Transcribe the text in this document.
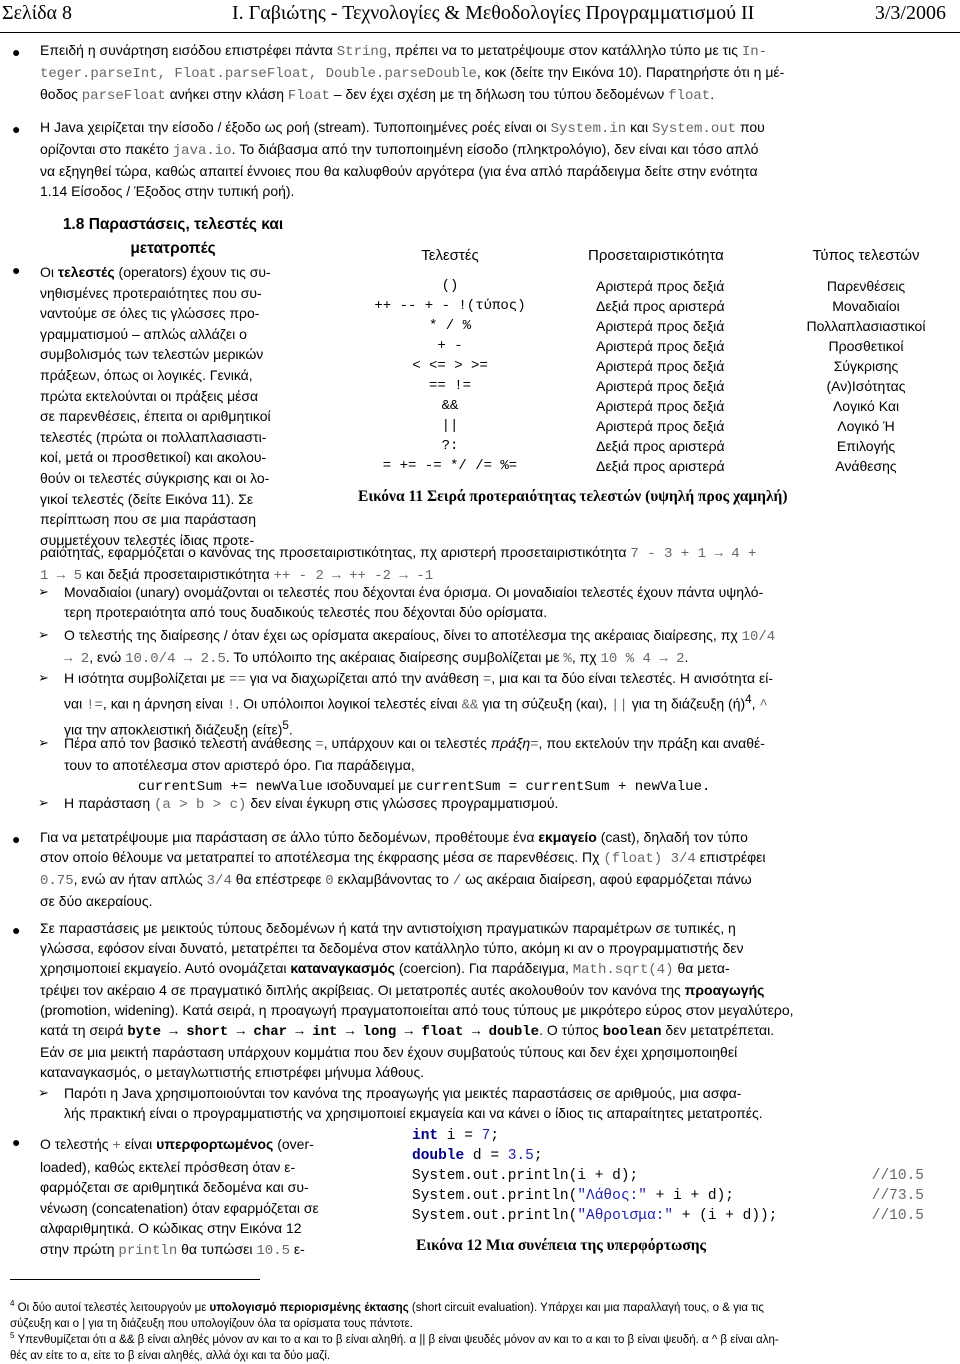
Σελίδα 8	Ι. Γαβιώτης - Τεχνολογίες & Μεθοδολογίες Προγραμματισμού ΙΙ	3/3/2006
● Επειδή η συνάρτηση εισόδου επιστρέφει πάντα String, πρέπει να το μετατρέψουμε στον κατάλληλο τύπο με τις In-

teger.parseInt, Float.parseFloat, Double.parseDouble, κοκ (δείτε την Εικόνα 10). Παρατηρήστε ότι η μέ-

θοδος parseFloat ανήκει στην κλάση Float – δεν έχει σχέση με τη δήλωση του τύπου δεδομένων float.

● Η Java χειρίζεται την είσοδο / έξοδο ως ροή (stream). Τυποποιημένες ροές είναι οι System.in και System.out που

ορίζονται στο πακέτο java.io. Το διάβασμα από την τυποποιημένη είσοδο (πληκτρολόγιο), δεν είναι και τόσο απλό

να εξηγηθεί τώρα, καθώς απαιτεί έννοιες που θα καλυφθούν αργότερα (για ένα απλό παράδειγμα δείτε στην ενότητα

1.14 Είσοδος / Έξοδος στην τυπική ροή).

1.8 Παραστάσεις, τελεστές και
μετατροπές
● Οι τελεστές (operators) έχουν τις συ-
νηθισμένες προτεραιότητες που συ-
ναντούμε σε όλες τις γλώσσες προ-
γραμματισμού – απλώς αλλάζει ο
συμβολισμός των τελεστών μερικών
πράξεων, όπως οι λογικές. Γενικά,
πρώτα εκτελούνται οι πράξεις μέσα
σε παρενθέσεις, έπειτα οι αριθμητικοί
τελεστές (πρώτα οι πολλαπλασιαστι-
κοί, μετά οι προσθετικοί) και ακολου-
θούν οι τελεστές σύγκρισης και οι λο-
γικοί τελεστές (δείτε Εικόνα 11). Σε
περίπτωση που σε μια παράσταση
συμμετέχουν τελεστές ίδιας προτε-

ραιότητας, εφαρμόζεται ο κανόνας της προσεταιριστικότητας, πχ αριστερή προσεταιριστικότητα 7 - 3 + 1 → 4 +

1 → 5 και δεξιά προσεταιριστικότητα ++ - 2 → ++ -2 → -1

Τελεστές	Προσεταιριστικότητα	Τύπος τελεστών
()	Αριστερά προς δεξιά	Παρενθέσεις
++ -- + - !(τύπος)	Δεξιά προς αριστερά	Μοναδιαίοι
* / %	Αριστερά προς δεξιά	Πολλαπλασιαστικοί
+ -	Αριστερά προς δεξιά	Προσθετικοί
< <= > >=	Αριστερά προς δεξιά	Σύγκρισης
== !=	Αριστερά προς δεξιά	(Αν)Ισότητας
&&	Αριστερά προς δεξιά	Λογικό Και
||	Αριστερά προς δεξιά	Λογικό Ή
?:	Δεξιά προς αριστερά	Επιλογής
= += -= */ /= %=	Δεξιά προς αριστερά	Ανάθεσης
Εικόνα 11 Σειρά προτεραιότητας τελεστών (υψηλή προς χαμηλή)
➢ Μοναδιαίοι (unary) ονομάζονται οι τελεστές που δέχονται ένα όρισμα. Οι μοναδιαίοι τελεστές έχουν πάντα υψηλό-

τερη προτεραιότητα από τους δυαδικούς τελεστές που δέχονται δύο ορίσματα.

➢ Ο τελεστής της διαίρεσης / όταν έχει ως ορίσματα ακεραίους, δίνει το αποτέλεσμα της ακέραιας διαίρεσης, πχ 10/4

→ 2, ενώ 10.0/4 → 2.5. Το υπόλοιπο της ακέραιας διαίρεσης συμβολίζεται με %, πχ 10 % 4 → 2.

➢ Η ισότητα συμβολίζεται με == για να διαχωρίζεται από την ανάθεση =, μια και τα δύο είναι τελεστές. Η ανισότητα εί-

ναι !=, και η άρνηση είναι !. Οι υπόλοιποι λογικοί τελεστές είναι && για τη σύζευξη (και), || για τη διάζευξη $(ή)^4$, ^

για την αποκλειστική διάζευξη $(\varepsilon ί\tau\varepsilon)^5$.

➢ Πέρα από τον βασικό τελεστή ανάθεσης =, υπάρχουν και οι τελεστές πράξη=, που εκτελούν την πράξη και αναθέ-

τουν το αποτέλεσμα στον αριστερό όρο. Για παράδειγμα,

currentSum += newValue ισοδυναμεί με currentSum = currentSum + newValue.

➢ Η παράσταση (a > b > c) δεν είναι έγκυρη στις γλώσσες προγραμματισμού.

● Για να μετατρέψουμε μια παράσταση σε άλλο τύπο δεδομένων, προθέτουμε ένα εκμαγείο (cast), δηλαδή τον τύπο

στον οποίο θέλουμε να μετατραπεί το αποτέλεσμα της έκφρασης μέσα σε παρενθέσεις. Πχ (float) 3/4 επιστρέφει

0.75, ενώ αν ήταν απλώς 3/4 θα επέστρεφε 0 εκλαμβάνοντας το / ως ακέραια διαίρεση, αφού εφαρμόζεται πάνω

σε δύο ακεραίους.

● Σε παραστάσεις με μεικτούς τύπους δεδομένων ή κατά την αντιστοίχιση πραγματικών παραμέτρων σε τυπικές, η

γλώσσα, εφόσον είναι δυνατό, μετατρέπει τα δεδομένα στον κατάλληλο τύπο, ακόμη κι αν ο προγραμματιστής δεν

χρησιμοποιεί εκμαγείο. Αυτό ονομάζεται καταναγκασμός (coercion). Για παράδειγμα, Math.sqrt(4) θα μετα-

τρέψει τον ακέραιο 4 σε πραγματικό διπλής ακρίβειας. Οι μετατροπές αυτές ακολουθούν τον κανόνα της προαγωγής

(promotion, widening). Κατά σειρά, η προαγωγή πραγματοποιείται από τους τύπους με μικρότερο εύρος στον μεγαλύτερο,

κατά τη σειρά byte → short → char → int → long → float → double. Ο τύπος boolean δεν μετατρέπεται.

Εάν σε μια μεικτή παράσταση υπάρχουν κομμάτια που δεν έχουν συμβατούς τύπους και δεν έχει χρησιμοποιηθεί

καταναγκασμός, ο μεταγλωττιστής επιστρέφει μήνυμα λάθους.

➢ Παρότι η Java χρησιμοποιούνται τον κανόνα της προαγωγής για μεικτές παραστάσεις σε αριθμούς, μια ασφα-

λής πρακτική είναι ο προγραμματιστής να χρησιμοποιεί εκμαγεία και να κάνει ο ίδιος τις απαραίτητες μετατροπές.

● Ο τελεστής + είναι υπερφορτωμένος (over-
loaded), καθώς εκτελεί πρόσθεση όταν ε-
φαρμόζεται σε αριθμητικά δεδομένα και συ-
νένωση (concatenation) όταν εφαρμόζεται σε
αλφαριθμητικά. Ο κώδικας στην Εικόνα 12
στην πρώτη println θα τυπώσει 10.5 ε-
int i = 7;
double d = 3.5;
System.out.println(i + d);	//10.5
System.out.println("Λάθος:" + i + d);	//73.5
System.out.println("Αθροισμα:" + (i + d));	//10.5
Εικόνα 12 Μια συνέπεια της υπερφόρτωσης
$^4$ Οι δύο αυτοί τελεστές λειτουργούν με υπολογισμό περιορισμένης έκτασης (short circuit evaluation). Υπάρχει και μια παραλλαγή τους, ο & για τις
σύζευξη και ο | για τη διάζευξη που υπολογίζουν όλα τα ορίσματα τους πάντοτε.
$^5$ Υπενθυμίζεται ότι α && β είναι αληθές μόνον αν και το α και το β είναι αληθή. α || β είναι ψευδές μόνον αν και το α και το β είναι ψευδή. α ^ β είναι αλη-
θές αν είτε το α, είτε το β είναι αληθές, αλλά όχι και τα δύο μαζί.
